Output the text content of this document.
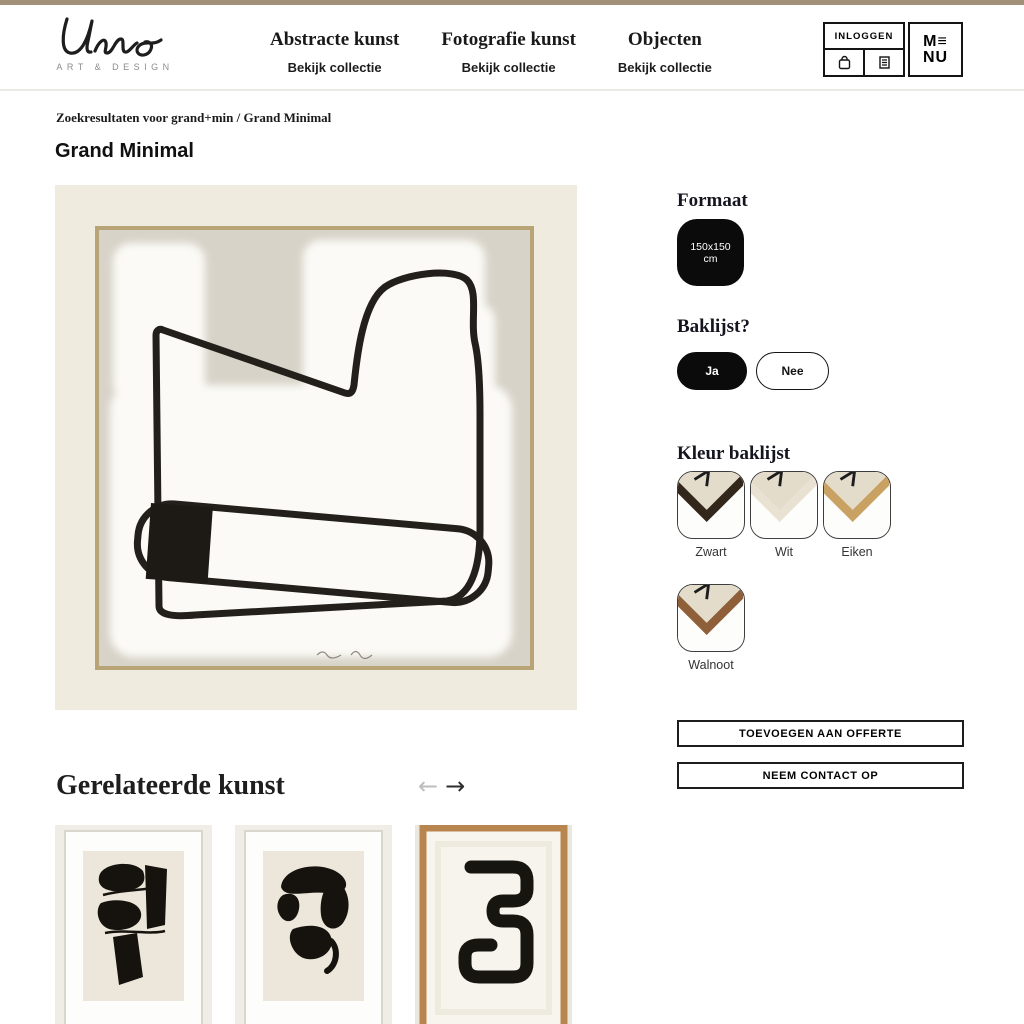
ART & DESIGN
Abstracte kunst
Bekijk collectie
Fotografie kunst
Bekijk collectie
Objecten
Bekijk collectie
INLOGGEN	M≡
NU
Zoekresultaten voor grand+min / Grand Minimal
Grand Minimal
Formaat
150x150 cm
Baklijst?
Ja	Nee
Kleur baklijst
Zwart	Wit	Eiken
Walnoot
TOEVOEGEN AAN OFFERTE
NEEM CONTACT OP
Gerelateerde kunst	← →
